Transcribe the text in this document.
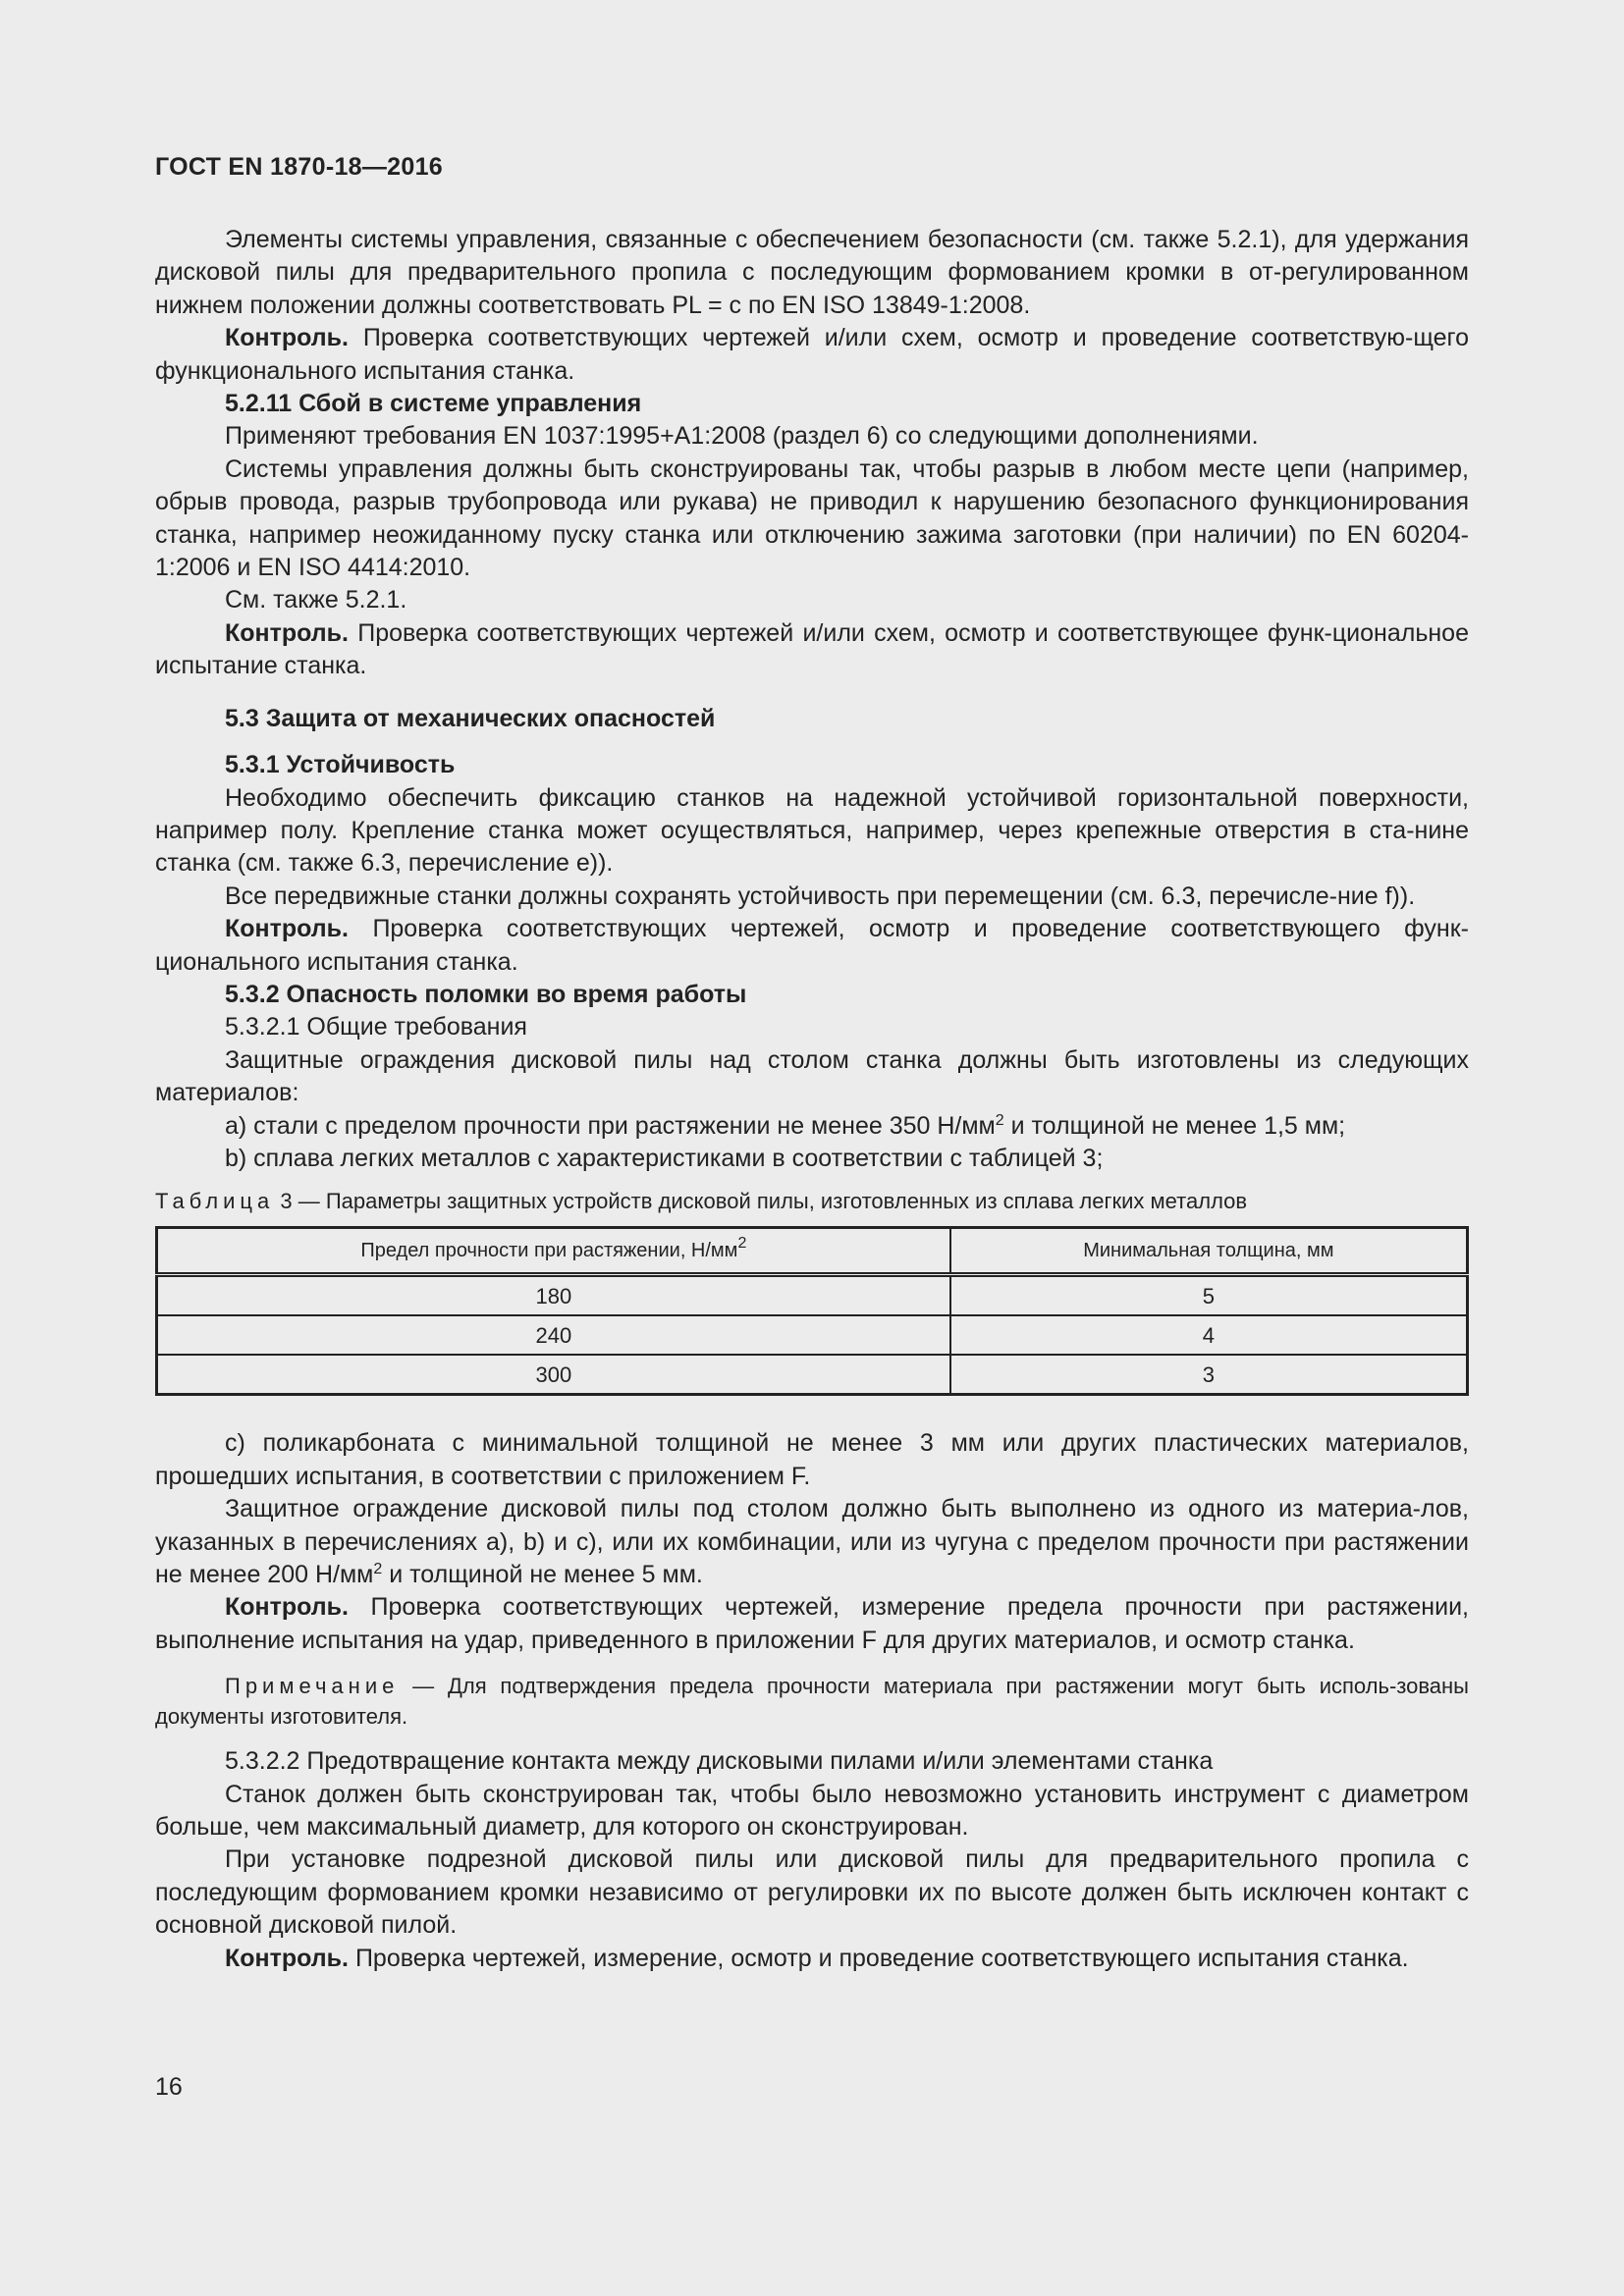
ГОСТ EN 1870-18—2016

Элементы системы управления, связанные с обеспечением безопасности (см. также 5.2.1), для удержания дисковой пилы для предварительного пропила с последующим формованием кромки в от-регулированном нижнем положении должны соответствовать PL = с по EN ISO 13849-1:2008.

Контроль. Проверка соответствующих чертежей и/или схем, осмотр и проведение соответствую-щего функционального испытания станка.

5.2.11 Сбой в системе управления

Применяют требования EN 1037:1995+A1:2008 (раздел 6) со следующими дополнениями.

Системы управления должны быть сконструированы так, чтобы разрыв в любом месте цепи (например, обрыв провода, разрыв трубопровода или рукава) не приводил к нарушению безопасного функционирования станка, например неожиданному пуску станка или отключению зажима заготовки (при наличии) по EN 60204-1:2006 и EN ISO 4414:2010.

См. также 5.2.1.

Контроль. Проверка соответствующих чертежей и/или схем, осмотр и соответствующее функ-циональное испытание станка.

5.3 Защита от механических опасностей

5.3.1 Устойчивость

Необходимо обеспечить фиксацию станков на надежной устойчивой горизонтальной поверхности, например полу. Крепление станка может осуществляться, например, через крепежные отверстия в ста-нине станка (см. также 6.3, перечисление е)).

Все передвижные станки должны сохранять устойчивость при перемещении (см. 6.3, перечисле-ние f)).

Контроль. Проверка соответствующих чертежей, осмотр и проведение соответствующего функ-ционального испытания станка.

5.3.2 Опасность поломки во время работы

5.3.2.1 Общие требования

Защитные ограждения дисковой пилы над столом станка должны быть изготовлены из следующих материалов:

а) стали с пределом прочности при растяжении не менее 350 $Н/мм^2$ и толщиной не менее 1,5 мм;

b) сплава легких металлов с характеристиками в соответствии с таблицей 3;

Таблица 3 — Параметры защитных устройств дисковой пилы, изготовленных из сплава легких металлов

Предел прочности при растяжении, $Н/мм^2$	Минимальная толщина, мм
180	5
240	4
300	3

с) поликарбоната с минимальной толщиной не менее 3 мм или других пластических материалов, прошедших испытания, в соответствии с приложением F.

Защитное ограждение дисковой пилы под столом должно быть выполнено из одного из материа-лов, указанных в перечислениях а), b) и с), или их комбинации, или из чугуна с пределом прочности при растяжении не менее 200 $Н/мм^2$ и толщиной не менее 5 мм.

Контроль. Проверка соответствующих чертежей, измерение предела прочности при растяжении, выполнение испытания на удар, приведенного в приложении F для других материалов, и осмотр станка.

Примечание — Для подтверждения предела прочности материала при растяжении могут быть исполь-зованы документы изготовителя.

5.3.2.2 Предотвращение контакта между дисковыми пилами и/или элементами станка

Станок должен быть сконструирован так, чтобы было невозможно установить инструмент с диаметром больше, чем максимальный диаметр, для которого он сконструирован.

При установке подрезной дисковой пилы или дисковой пилы для предварительного пропила с последующим формованием кромки независимо от регулировки их по высоте должен быть исключен контакт с основной дисковой пилой.

Контроль. Проверка чертежей, измерение, осмотр и проведение соответствующего испытания станка.

16
